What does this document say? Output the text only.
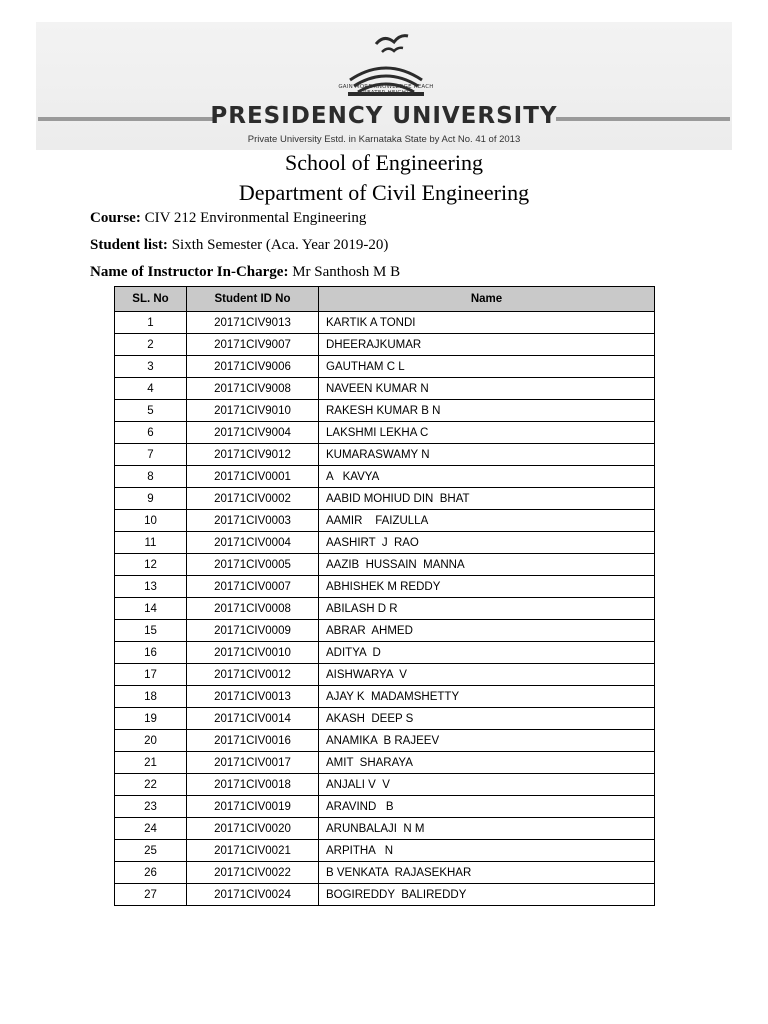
GAIN MORE KNOWLEDGE REACH GREATER HEIGHTS
PRESIDENCY UNIVERSITY
Private University Estd. in Karnataka State by Act No. 41 of 2013
School of Engineering
Department of Civil Engineering
Course: CIV 212 Environmental Engineering
Student list: Sixth Semester (Aca. Year 2019-20)
Name of Instructor In-Charge: Mr Santhosh M B
SL. No	Student ID No	Name
1	20171CIV9013	KARTIK A TONDI
2	20171CIV9007	DHEERAJKUMAR
3	20171CIV9006	GAUTHAM C L
4	20171CIV9008	NAVEEN KUMAR N
5	20171CIV9010	RAKESH KUMAR B N
6	20171CIV9004	LAKSHMI LEKHA C
7	20171CIV9012	KUMARASWAMY N
8	20171CIV0001	A   KAVYA
9	20171CIV0002	AABID MOHIUD DIN  BHAT
10	20171CIV0003	AAMIR    FAIZULLA
11	20171CIV0004	AASHIRT  J  RAO
12	20171CIV0005	AAZIB  HUSSAIN  MANNA
13	20171CIV0007	ABHISHEK M REDDY
14	20171CIV0008	ABILASH D R
15	20171CIV0009	ABRAR  AHMED
16	20171CIV0010	ADITYA  D
17	20171CIV0012	AISHWARYA  V
18	20171CIV0013	AJAY K  MADAMSHETTY
19	20171CIV0014	AKASH  DEEP S
20	20171CIV0016	ANAMIKA  B RAJEEV
21	20171CIV0017	AMIT  SHARAYA
22	20171CIV0018	ANJALI V  V
23	20171CIV0019	ARAVIND   B
24	20171CIV0020	ARUNBALAJI  N M
25	20171CIV0021	ARPITHA   N
26	20171CIV0022	B VENKATA  RAJASEKHAR
27	20171CIV0024	BOGIREDDY  BALIREDDY
